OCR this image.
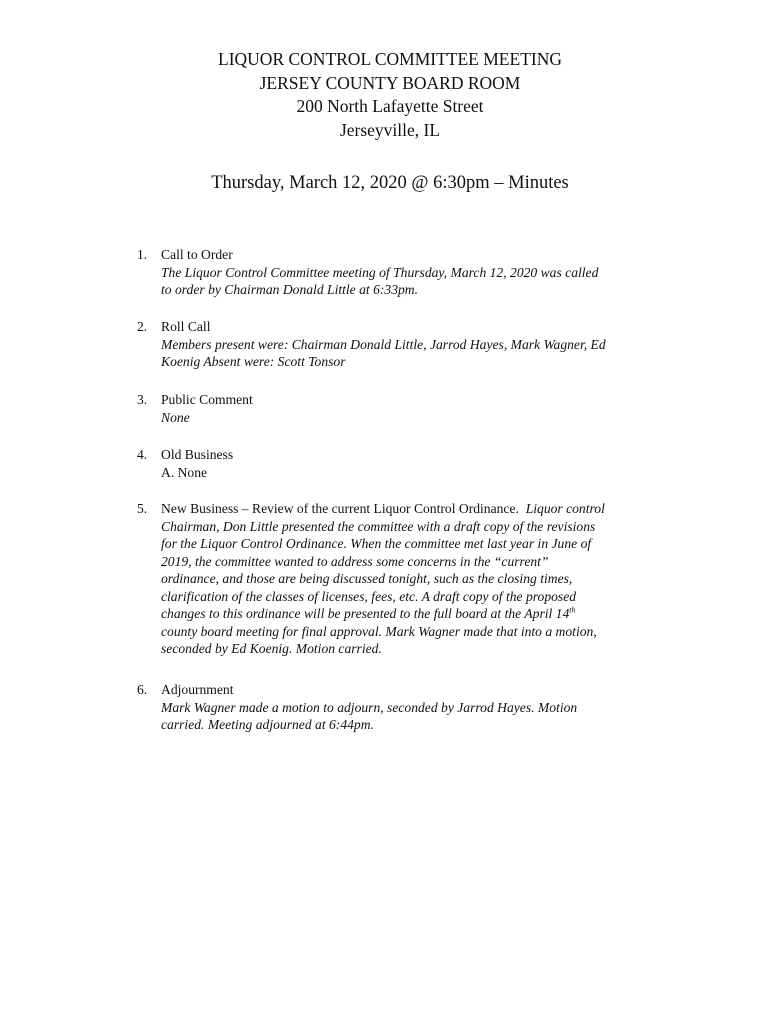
LIQUOR CONTROL COMMITTEE MEETING
JERSEY COUNTY BOARD ROOM
200 North Lafayette Street
Jerseyville, IL
Thursday, March 12, 2020 @ 6:30pm – Minutes
1.	Call to Order
The Liquor Control Committee meeting of Thursday, March 12, 2020 was called
to order by Chairman Donald Little at 6:33pm.
2.	Roll Call
Members present were: Chairman Donald Little, Jarrod Hayes, Mark Wagner, Ed
Koenig Absent were: Scott Tonsor
3.	Public Comment
None
4.	Old Business
A. None
5.	New Business – Review of the current Liquor Control Ordinance. Liquor control
Chairman, Don Little presented the committee with a draft copy of the revisions
for the Liquor Control Ordinance. When the committee met last year in June of
2019, the committee wanted to address some concerns in the “current”
ordinance, and those are being discussed tonight, such as the closing times,
clarification of the classes of licenses, fees, etc. A draft copy of the proposed
changes to this ordinance will be presented to the full board at the April 14th
county board meeting for final approval. Mark Wagner made that into a motion,
seconded by Ed Koenig. Motion carried.
6.	Adjournment
Mark Wagner made a motion to adjourn, seconded by Jarrod Hayes. Motion
carried. Meeting adjourned at 6:44pm.
